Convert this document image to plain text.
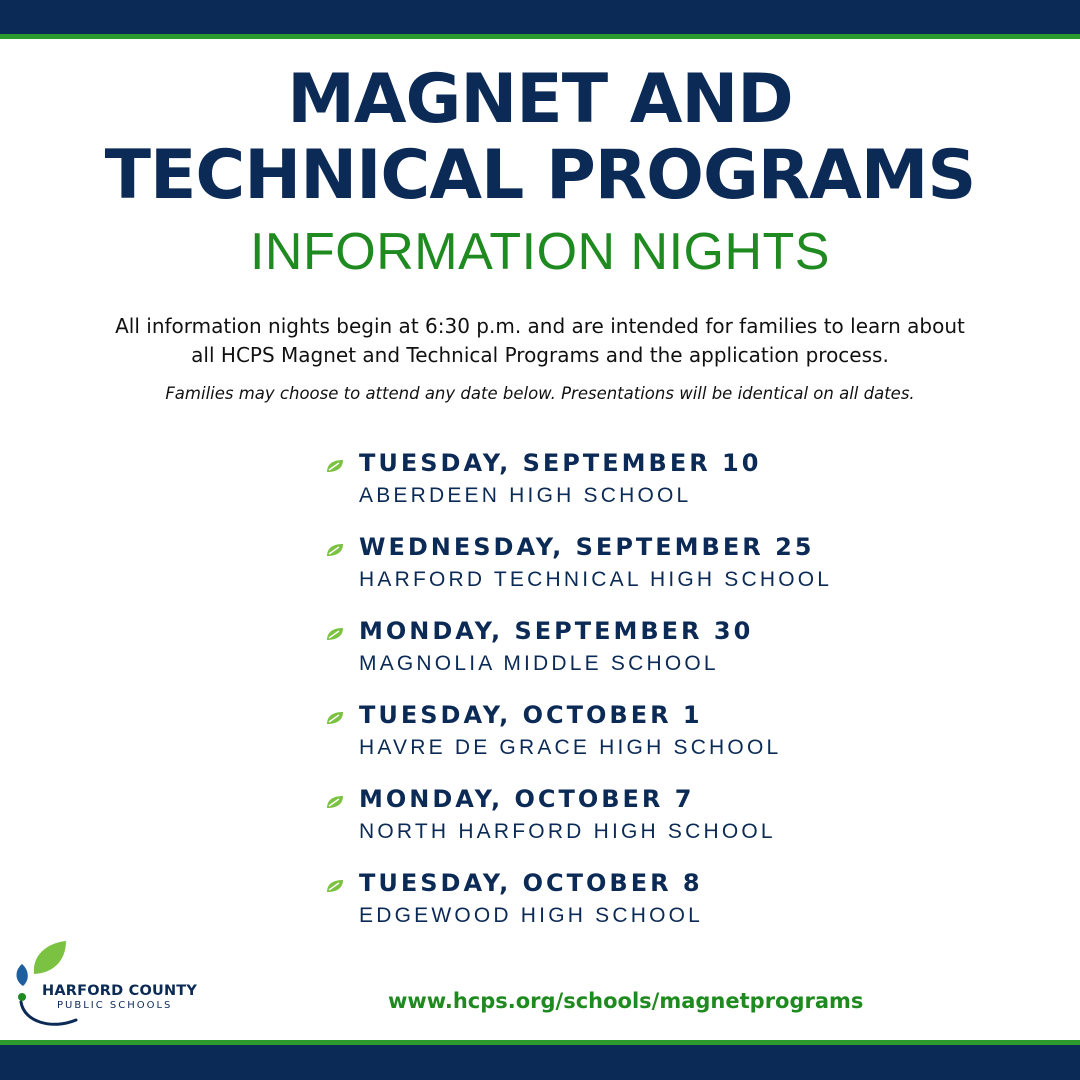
MAGNET AND
TECHNICAL PROGRAMS
INFORMATION NIGHTS
All information nights begin at 6:30 p.m. and are intended for families to learn about
all HCPS Magnet and Technical Programs and the application process.
Families may choose to attend any date below. Presentations will be identical on all dates.
TUESDAY, SEPTEMBER 10
ABERDEEN HIGH SCHOOL
WEDNESDAY, SEPTEMBER 25
HARFORD TECHNICAL HIGH SCHOOL
MONDAY, SEPTEMBER 30
MAGNOLIA MIDDLE SCHOOL
TUESDAY, OCTOBER 1
HAVRE DE GRACE HIGH SCHOOL
MONDAY, OCTOBER 7
NORTH HARFORD HIGH SCHOOL
TUESDAY, OCTOBER 8
EDGEWOOD HIGH SCHOOL
HARFORD COUNTY
PUBLIC SCHOOLS	www.hcps.org/schools/magnetprograms
